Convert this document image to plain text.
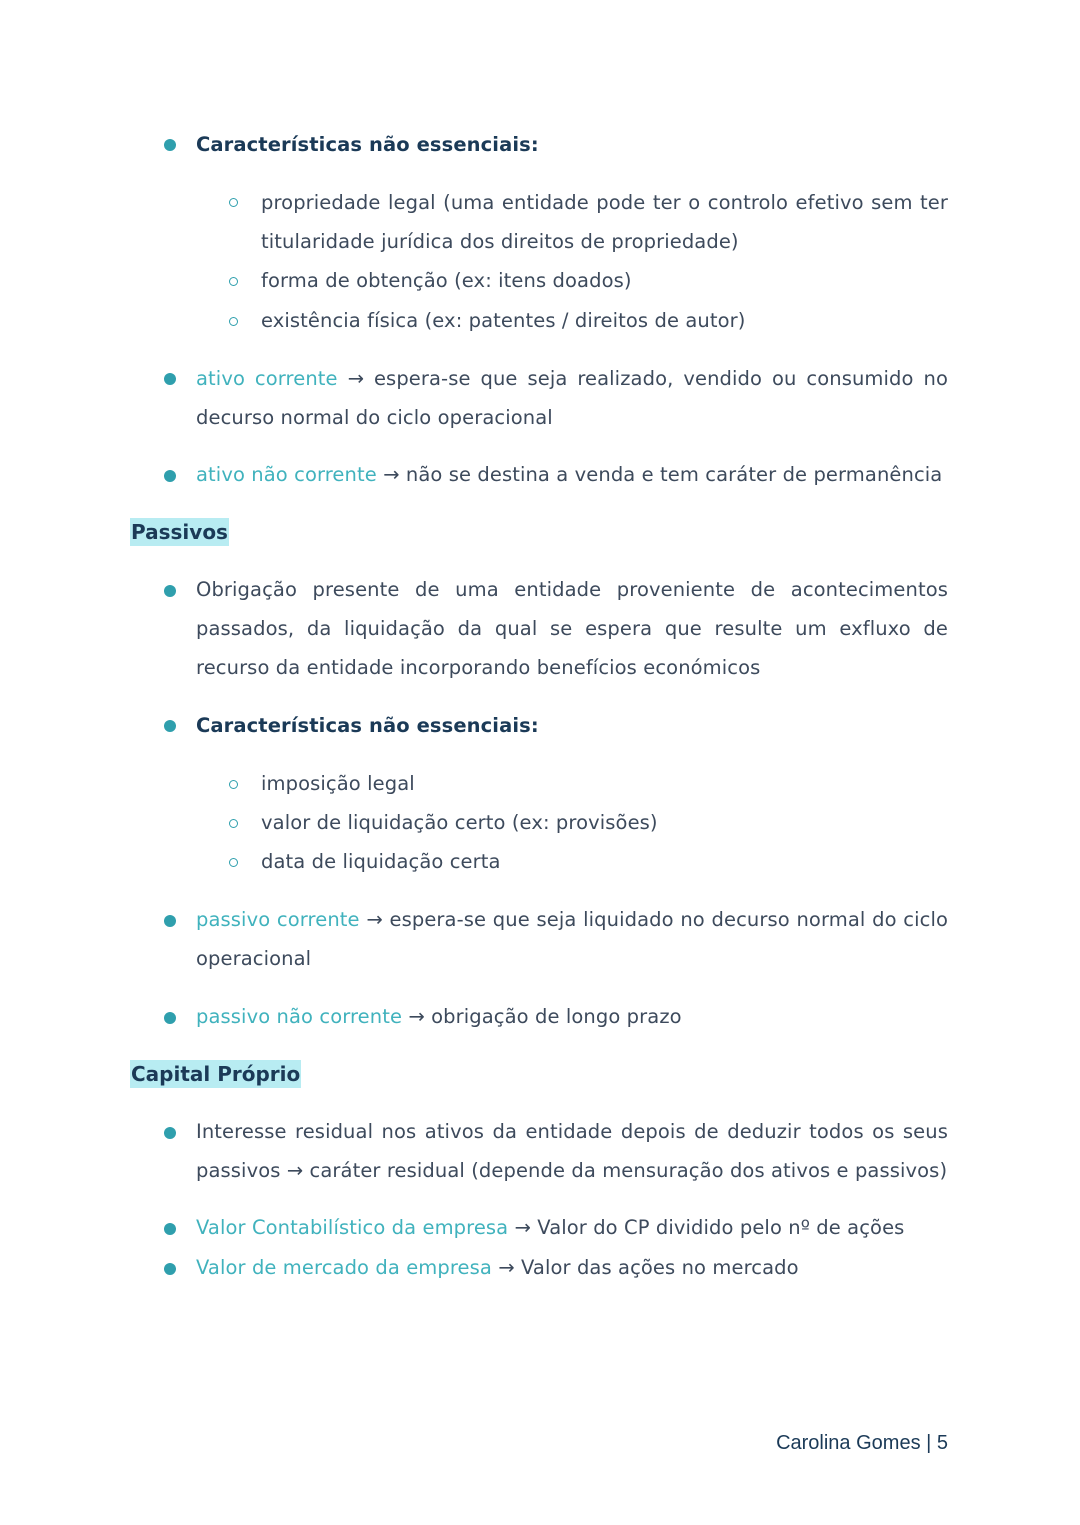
Características não essenciais:
propriedade legal (uma entidade pode ter o controlo efetivo sem ter titularidade jurídica dos direitos de propriedade)
forma de obtenção (ex: itens doados)
existência física (ex: patentes / direitos de autor)
ativo corrente → espera-se que seja realizado, vendido ou consumido no decurso normal do ciclo operacional
ativo não corrente → não se destina a venda e tem caráter de permanência
Passivos
Obrigação presente de uma entidade proveniente de acontecimentos passados, da liquidação da qual se espera que resulte um exfluxo de recurso da entidade incorporando benefícios económicos
Características não essenciais:
imposição legal
valor de liquidação certo (ex: provisões)
data de liquidação certa
passivo corrente → espera-se que seja liquidado no decurso normal do ciclo operacional
passivo não corrente → obrigação de longo prazo
Capital Próprio
Interesse residual nos ativos da entidade depois de deduzir todos os seus passivos → caráter residual (depende da mensuração dos ativos e passivos)
Valor Contabilístico da empresa → Valor do CP dividido pelo nº de ações
Valor de mercado da empresa → Valor das ações no mercado
Carolina Gomes | 5
